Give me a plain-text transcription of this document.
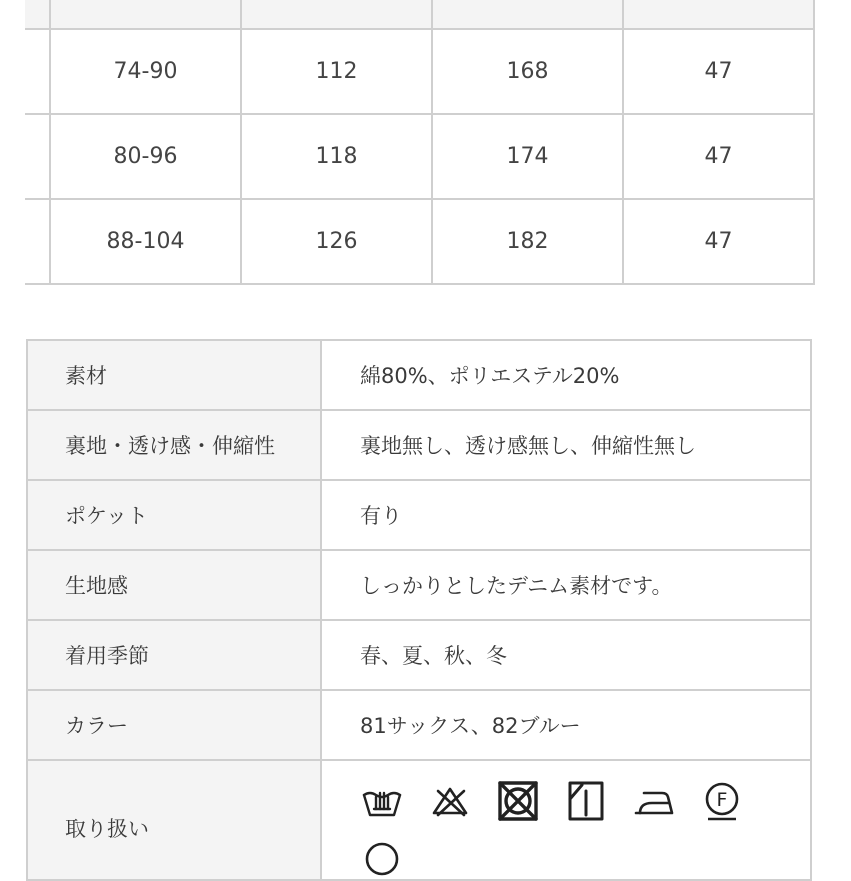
	74-90	112	168	47
	80-96	118	174	47
	88-104	126	182	47
素材	綿80%、ポリエステル20%
裏地・透け感・伸縮性	裏地無し、透け感無し、伸縮性無し
ポケット	有り
生地感	しっかりとしたデニム素材です。
着用季節	春、夏、秋、冬
カラー	81サックス、82ブルー
取り扱い	F
